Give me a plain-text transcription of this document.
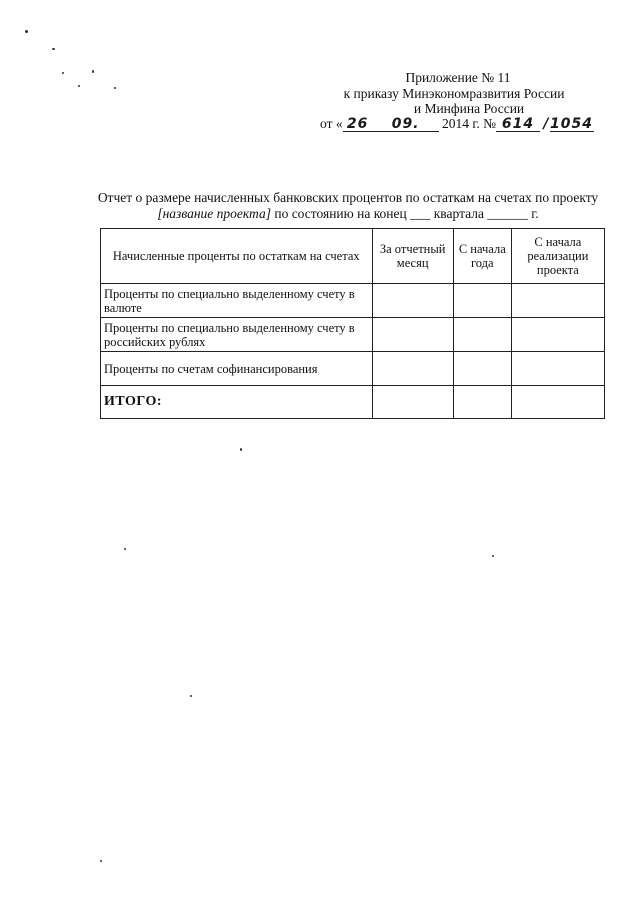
Приложение № 11
к приказу Минэкономразвития России
и Минфина России
от « 26 09. 2014 г. № 614 /1054
Отчет о размере начисленных банковских процентов по остаткам на счетах по проекту
[название проекта] по состоянию на конец ___ квартала ______ г.
Начисленные проценты по остаткам на счетах	За отчетный месяц	С начала года	С начала реализации проекта
Проценты по специально выделенному счету в валюте			
Проценты по специально выделенному счету в российских рублях			
Проценты по счетам софинансирования			
ИТОГО:			
